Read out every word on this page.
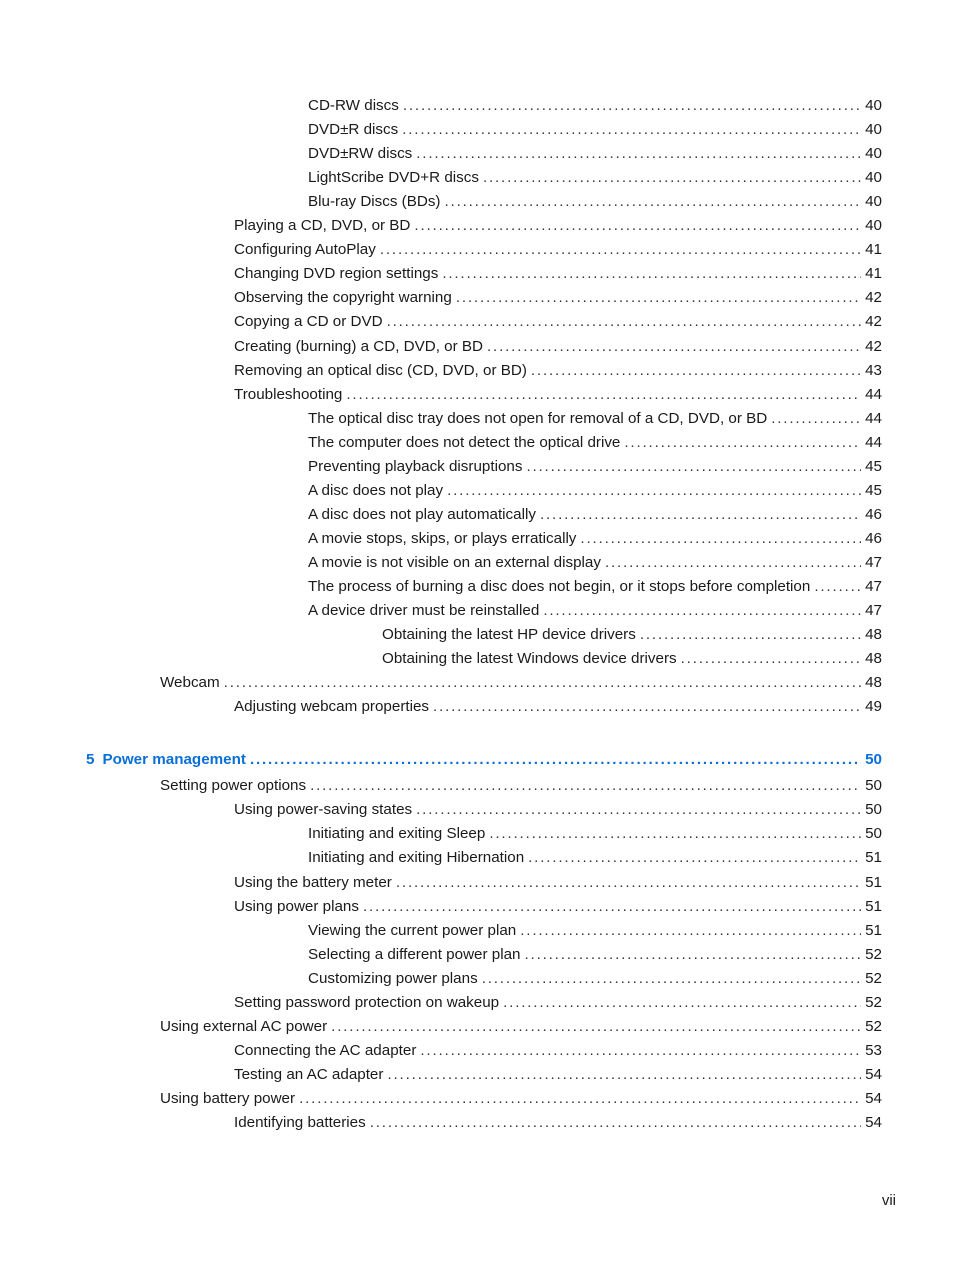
CD-RW discs . . .	40
DVD±R discs . . .	40
DVD±RW discs . . .	40
LightScribe DVD+R discs . . .	40
Blu-ray Discs (BDs) . . .	40
Playing a CD, DVD, or BD . . .	40
Configuring AutoPlay . . .	41
Changing DVD region settings . . .	41
Observing the copyright warning . . .	42
Copying a CD or DVD . . .	42
Creating (burning) a CD, DVD, or BD . . .	42
Removing an optical disc (CD, DVD, or BD) . . .	43
Troubleshooting . . .	44
The optical disc tray does not open for removal of a CD, DVD, or BD . . .	44
The computer does not detect the optical drive . . .	44
Preventing playback disruptions . . .	45
A disc does not play . . .	45
A disc does not play automatically . . .	46
A movie stops, skips, or plays erratically . . .	46
A movie is not visible on an external display . . .	47
The process of burning a disc does not begin, or it stops before completion . . .	47
A device driver must be reinstalled . . .	47
Obtaining the latest HP device drivers . . .	48
Obtaining the latest Windows device drivers . . .	48
Webcam . . .	48
Adjusting webcam properties . . .	49
5 Power management . . .	50
Setting power options . . .	50
Using power-saving states . . .	50
Initiating and exiting Sleep . . .	50
Initiating and exiting Hibernation . . .	51
Using the battery meter . . .	51
Using power plans . . .	51
Viewing the current power plan . . .	51
Selecting a different power plan . . .	52
Customizing power plans . . .	52
Setting password protection on wakeup . . .	52
Using external AC power . . .	52
Connecting the AC adapter . . .	53
Testing an AC adapter . . .	54
Using battery power . . .	54
Identifying batteries . . .	54
vii
